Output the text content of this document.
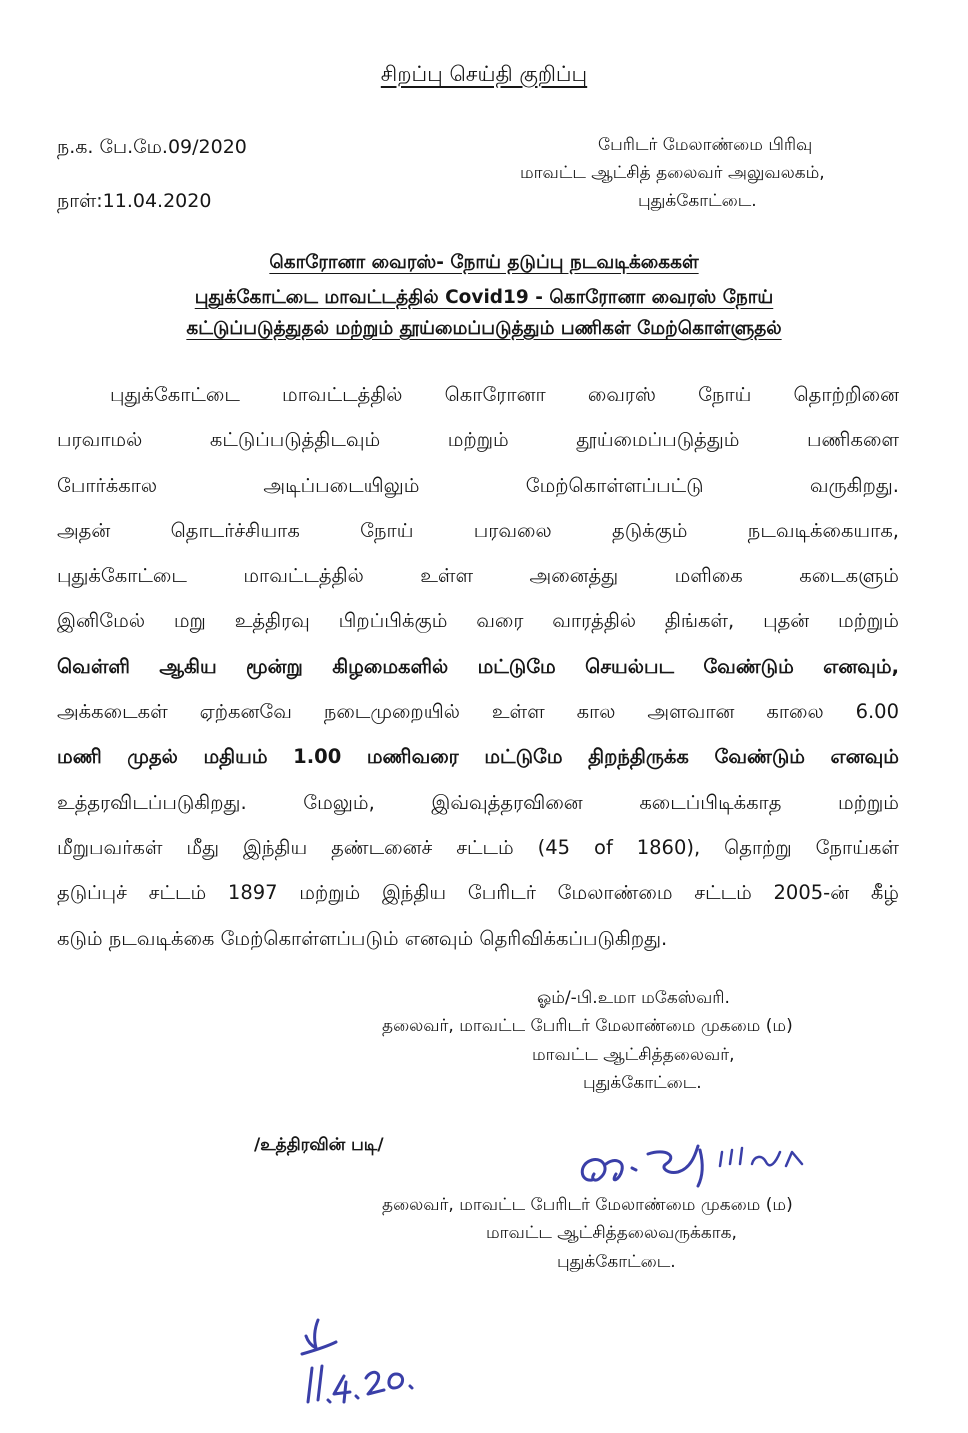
சிறப்பு செய்தி குறிப்பு
ந.க. பே.மே.09/2020
நாள்:11.04.2020
பேரிடர் மேலாண்மை பிரிவு
மாவட்ட ஆட்சித் தலைவர் அலுவலகம்,
புதுக்கோட்டை.
கொரோனா வைரஸ்- நோய் தடுப்பு நடவடிக்கைகள்
புதுக்கோட்டை மாவட்டத்தில் Covid19 - கொரோனா வைரஸ் நோய்
கட்டுப்படுத்துதல் மற்றும் தூய்மைப்படுத்தும் பணிகள் மேற்கொள்ளுதல்
புதுக்கோட்டை மாவட்டத்தில் கொரோனா வைரஸ் நோய் தொற்றினை
பரவாமல் கட்டுப்படுத்திடவும் மற்றும் தூய்மைப்படுத்தும் பணிகளை
போர்க்கால அடிப்படையிலும் மேற்கொள்ளப்பட்டு வருகிறது.
அதன் தொடர்ச்சியாக நோய் பரவலை தடுக்கும் நடவடிக்கையாக,
புதுக்கோட்டை மாவட்டத்தில் உள்ள அனைத்து மளிகை கடைகளும்
இனிமேல் மறு உத்திரவு பிறப்பிக்கும் வரை வாரத்தில் திங்கள், புதன் மற்றும்
வெள்ளி ஆகிய மூன்று கிழமைகளில் மட்டுமே செயல்பட வேண்டும் எனவும்,
அக்கடைகள் ஏற்கனவே நடைமுறையில் உள்ள கால அளவான காலை 6.00
மணி முதல் மதியம் 1.00 மணிவரை மட்டுமே திறந்திருக்க வேண்டும் எனவும்
உத்தரவிடப்படுகிறது. மேலும், இவ்வுத்தரவினை கடைப்பிடிக்காத மற்றும்
மீறுபவர்கள் மீது இந்திய தண்டனைச் சட்டம் (45 of 1860), தொற்று நோய்கள்
தடுப்புச் சட்டம் 1897 மற்றும் இந்திய பேரிடர் மேலாண்மை சட்டம் 2005-ன் கீழ்
கடும் நடவடிக்கை மேற்கொள்ளப்படும் எனவும் தெரிவிக்கப்படுகிறது.
ஓம்/-பி.உமா மகேஸ்வரி.
தலைவர், மாவட்ட பேரிடர் மேலாண்மை முகமை (ம)
மாவட்ட ஆட்சித்தலைவர்,
புதுக்கோட்டை.
/உத்திரவின் படி/
தலைவர், மாவட்ட பேரிடர் மேலாண்மை முகமை (ம)
மாவட்ட ஆட்சித்தலைவருக்காக,
புதுக்கோட்டை.
